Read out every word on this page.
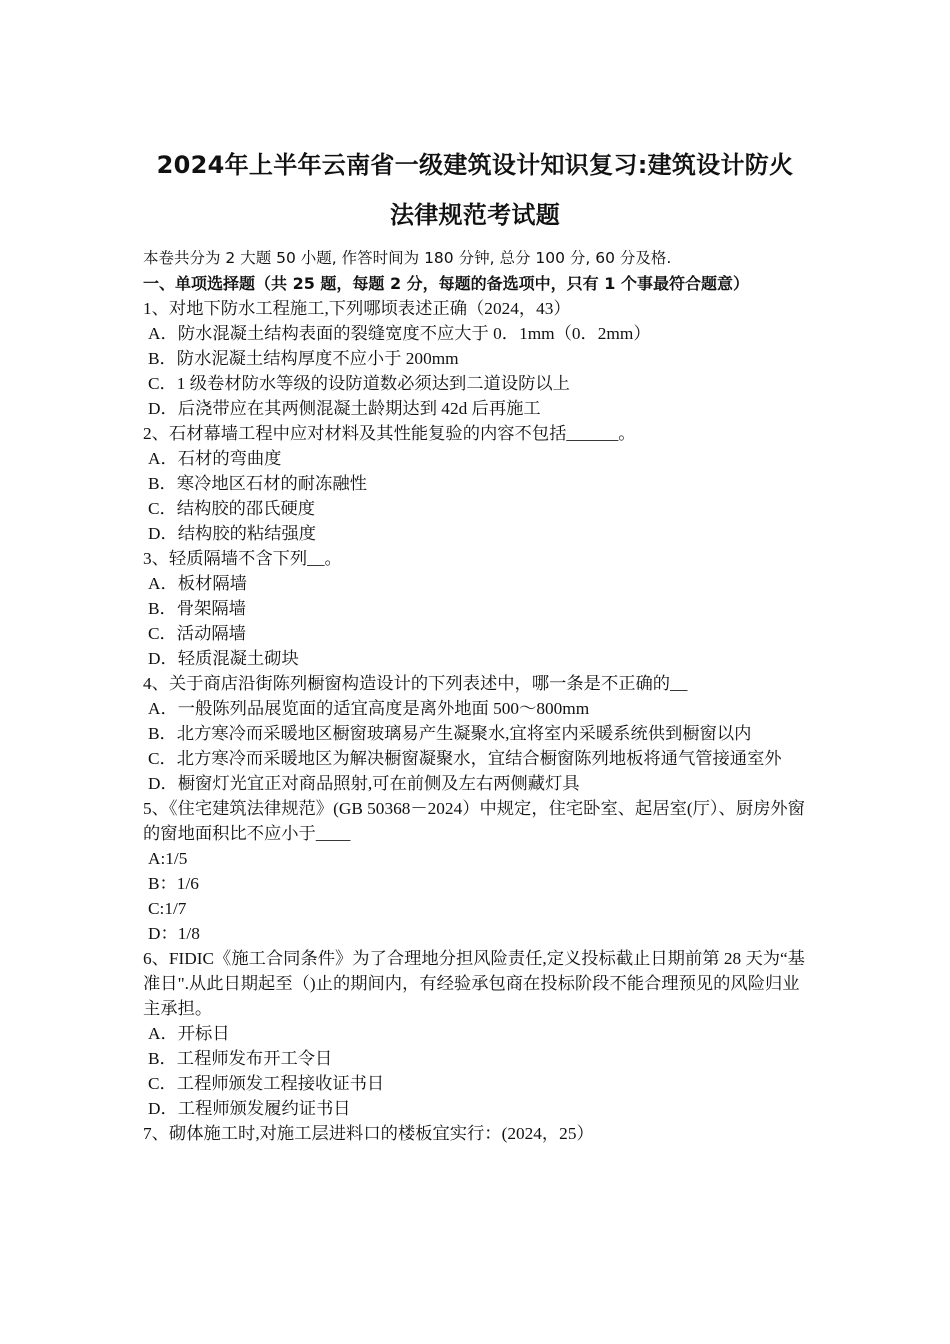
2024年上半年云南省一级建筑设计知识复习:建筑设计防火
法律规范考试题
本卷共分为 2 大题 50 小题, 作答时间为 180 分钟, 总分 100 分, 60 分及格.
一、单项选择题（共 25 题，每题 2 分，每题的备选项中，只有 1 个事最符合题意）
1、对地下防水工程施工,下列哪顷表述正确（2024，43）
A．防水混凝土结构表面的裂缝宽度不应大于 0．1mm（0．2mm）
B．防水泥凝土结构厚度不应小于 200mm
C．1 级卷材防水等级的设防道数必须达到二道设防以上
D．后浇带应在其两侧混凝土龄期达到 42d 后再施工
2、石材幕墙工程中应对材料及其性能复验的内容不包括______。
A．石材的弯曲度
B．寒冷地区石材的耐冻融性
C．结构胶的邵氏硬度
D．结构胶的粘结强度
3、轻质隔墙不含下列__。
A．板材隔墙
B．骨架隔墙
C．活动隔墙
D．轻质混凝土砌块
4、关于商店沿街陈列橱窗构造设计的下列表述中，哪一条是不正确的__
A．一般陈列品展览面的适宜高度是离外地面 500～800mm
B．北方寒冷而采暖地区橱窗玻璃易产生凝聚水,宜将室内采暖系统供到橱窗以内
C．北方寒冷而采暖地区为解决橱窗凝聚水，宜结合橱窗陈列地板将通气管接通室外
D．橱窗灯光宜正对商品照射,可在前侧及左右两侧藏灯具
5、《住宅建筑法律规范》(GB 50368－2024）中规定，住宅卧室、起居室(厅）、厨房外窗的窗地面积比不应小于____
A:1/5
B：1/6
C:1/7
D：1/8
6、FIDIC《施工合同条件》为了合理地分担风险责任,定义投标截止日期前第 28 天为“基准日".从此日期起至（)止的期间内，有经验承包商在投标阶段不能合理预见的风险归业主承担。
A．开标日
B．工程师发布开工令日
C．工程师颁发工程接收证书日
D．工程师颁发履约证书日
7、砌体施工时,对施工层进料口的楼板宜实行：(2024，25）
